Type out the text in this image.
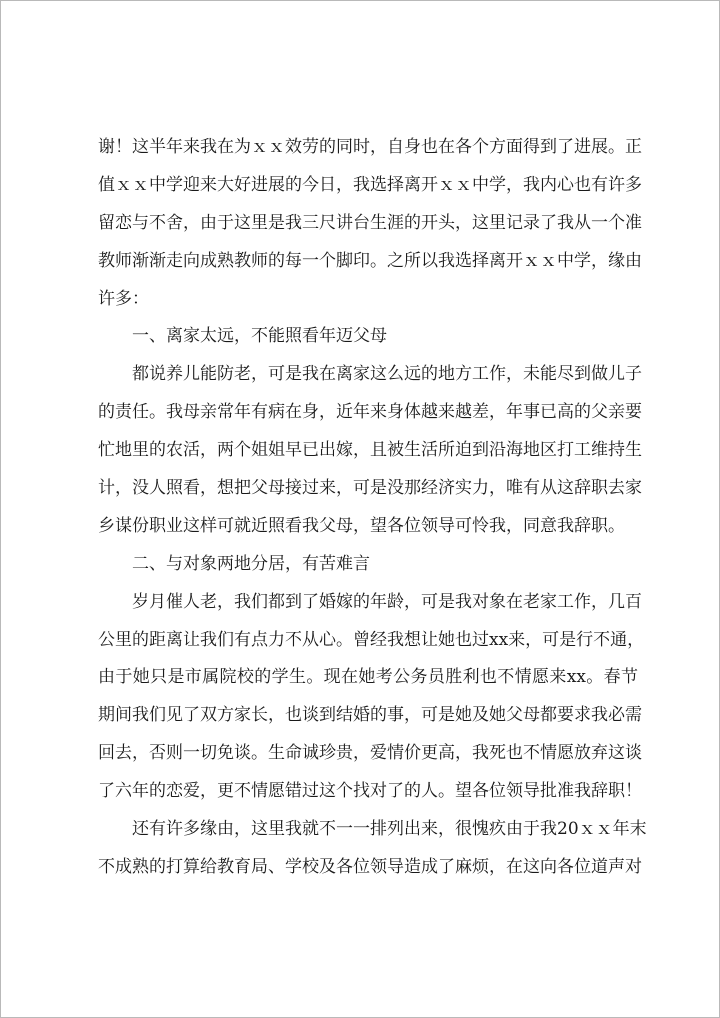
谢！这半年来我在为ｘｘ效劳的同时，自身也在各个方面得到了进展。正
值ｘｘ中学迎来大好进展的今日，我选择离开ｘｘ中学，我内心也有许多
留恋与不舍，由于这里是我三尺讲台生涯的开头，这里记录了我从一个准
教师渐渐走向成熟教师的每一个脚印。之所以我选择离开ｘｘ中学，缘由
许多：
一、离家太远，不能照看年迈父母
都说养儿能防老，可是我在离家这么远的地方工作，未能尽到做儿子
的责任。我母亲常年有病在身，近年来身体越来越差，年事已高的父亲要
忙地里的农活，两个姐姐早已出嫁，且被生活所迫到沿海地区打工维持生
计，没人照看，想把父母接过来，可是没那经济实力，唯有从这辞职去家
乡谋份职业这样可就近照看我父母，望各位领导可怜我，同意我辞职。
二、与对象两地分居，有苦难言
岁月催人老，我们都到了婚嫁的年龄，可是我对象在老家工作，几百
公里的距离让我们有点力不从心。曾经我想让她也过xx来，可是行不通，
由于她只是市属院校的学生。现在她考公务员胜利也不情愿来xx。春节
期间我们见了双方家长，也谈到结婚的事，可是她及她父母都要求我必需
回去，否则一切免谈。生命诚珍贵，爱情价更高，我死也不情愿放弃这谈
了六年的恋爱，更不情愿错过这个找对了的人。望各位领导批准我辞职！
还有许多缘由，这里我就不一一排列出来，很愧疚由于我20ｘｘ年末
不成熟的打算给教育局、学校及各位领导造成了麻烦，在这向各位道声对
